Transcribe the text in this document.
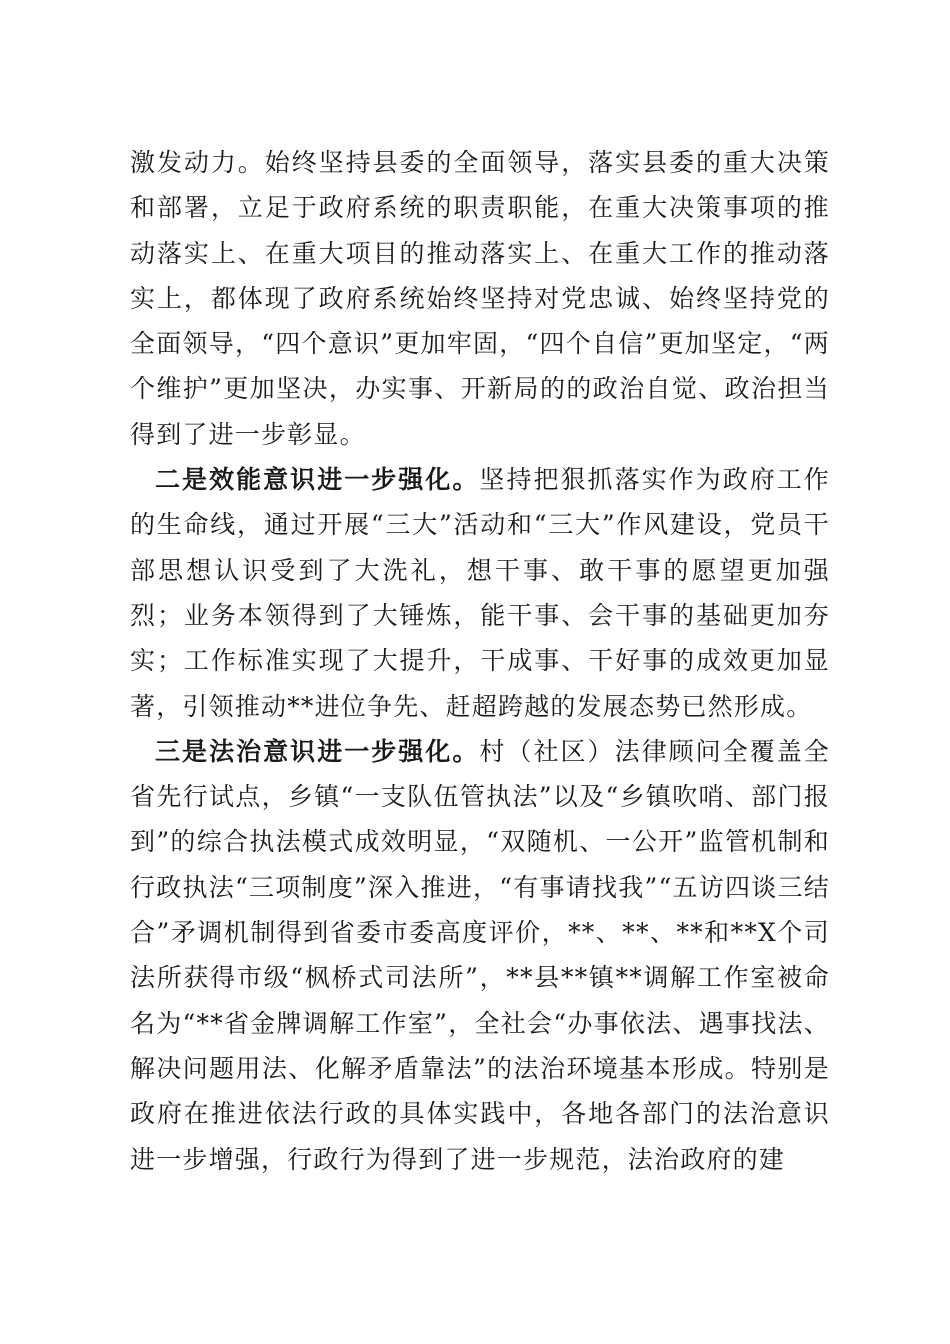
激发动力。始终坚持县委的全面领导，落实县委的重大决策和部署，立足于政府系统的职责职能，在重大决策事项的推动落实上、在重大项目的推动落实上、在重大工作的推动落实上，都体现了政府系统始终坚持对党忠诚、始终坚持党的全面领导，“四个意识”更加牢固，“四个自信”更加坚定，“两个维护”更加坚决，办实事、开新局的的政治自觉、政治担当得到了进一步彰显。

二是效能意识进一步强化。坚持把狠抓落实作为政府工作的生命线，通过开展“三大”活动和“三大”作风建设，党员干部思想认识受到了大洗礼，想干事、敢干事的愿望更加强烈；业务本领得到了大锤炼，能干事、会干事的基础更加夯实；工作标准实现了大提升，干成事、干好事的成效更加显著，引领推动**进位争先、赶超跨越的发展态势已然形成。

三是法治意识进一步强化。村（社区）法律顾问全覆盖全省先行试点，乡镇“一支队伍管执法”以及“乡镇吹哨、部门报到”的综合执法模式成效明显，“双随机、一公开”监管机制和行政执法“三项制度”深入推进，“有事请找我”“五访四谈三结合”矛调机制得到省委市委高度评价，**、**、**和**X个司法所获得市级“枫桥式司法所”，**县**镇**调解工作室被命名为“**省金牌调解工作室”，全社会“办事依法、遇事找法、解决问题用法、化解矛盾靠法”的法治环境基本形成。特别是政府在推进依法行政的具体实践中，各地各部门的法治意识进一步增强，行政行为得到了进一步规范，法治政府的建
